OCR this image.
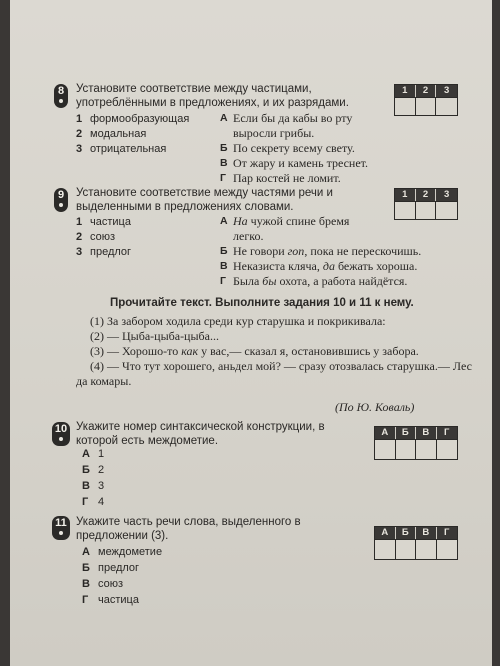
8	Установите соответствие между частицами, употреблёнными в предложениях, и их разрядами.
1 формообразующая
2 модальная
3 отрицательная
А Если бы да кабы во рту выросли грибы.
Б По секрету всему свету.
В От жару и камень треснет.
Г Пар костей не ломит.
1	2	3
9	Установите соответствие между частями речи и выделенными в предложениях словами.
1 частица
2 союз
3 предлог
А На чужой спине бремя легко.
Б Не говори гоп, пока не перескочишь.
В Неказиста кляча, да бежать хороша.
Г Была бы охота, а работа найдётся.
1	2	3
Прочитайте текст. Выполните задания 10 и 11 к нему.

(1) За забором ходила среди кур старушка и покрикивала:

(2) — Цыба-цыба-цыба...

(3) — Хорошо-то как у вас,— сказал я, остановившись у забора.

(4) — Что тут хорошего, аньдел мой? — сразу отозвалась старушка.— Лес да комары.

(По Ю. Коваль)
10 Укажите номер синтаксической конструкции, в которой есть междометие.
А 1
Б 2
В 3
Г 4
А	Б	В	Г
11 Укажите часть речи слова, выделенного в предложении (3).
А междометие
Б предлог
В союз
Г частица
А	Б	В	Г
